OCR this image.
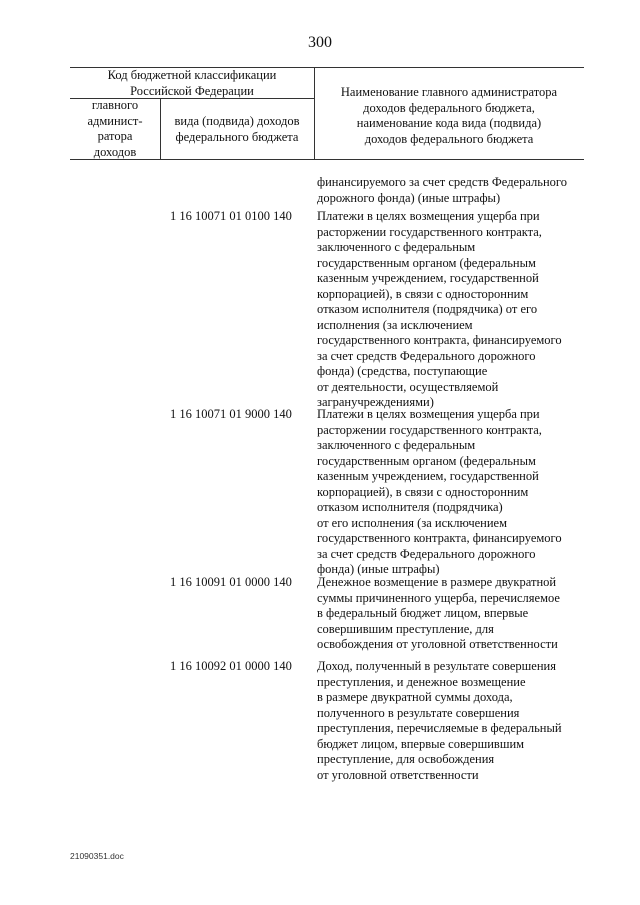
300
Код бюджетной классификации
Российской Федерации
главного
админист-
ратора
доходов
вида (подвида) доходов
федерального бюджета
Наименование главного администратора
доходов федерального бюджета,
наименование кода вида (подвида)
доходов федерального бюджета
финансируемого за счет средств Федерального
дорожного фонда) (иные штрафы)
1 16 10071 01 0100 140 Платежи в целях возмещения ущерба при
расторжении государственного контракта,
заключенного с федеральным
государственным органом (федеральным
казенным учреждением, государственной
корпорацией), в связи с односторонним
отказом исполнителя (подрядчика) от его
исполнения (за исключением
государственного контракта, финансируемого
за счет средств Федерального дорожного
фонда) (средства, поступающие
от деятельности, осуществляемой
загранучреждениями)
1 16 10071 01 9000 140 Платежи в целях возмещения ущерба при
расторжении государственного контракта,
заключенного с федеральным
государственным органом (федеральным
казенным учреждением, государственной
корпорацией), в связи с односторонним
отказом исполнителя (подрядчика)
от его исполнения (за исключением
государственного контракта, финансируемого
за счет средств Федерального дорожного
фонда) (иные штрафы)
1 16 10091 01 0000 140 Денежное возмещение в размере двукратной
суммы причиненного ущерба, перечисляемое
в федеральный бюджет лицом, впервые
совершившим преступление, для
освобождения от уголовной ответственности
1 16 10092 01 0000 140 Доход, полученный в результате совершения
преступления, и денежное возмещение
в размере двукратной суммы дохода,
полученного в результате совершения
преступления, перечисляемые в федеральный
бюджет лицом, впервые совершившим
преступление, для освобождения
от уголовной ответственности
21090351.doc
